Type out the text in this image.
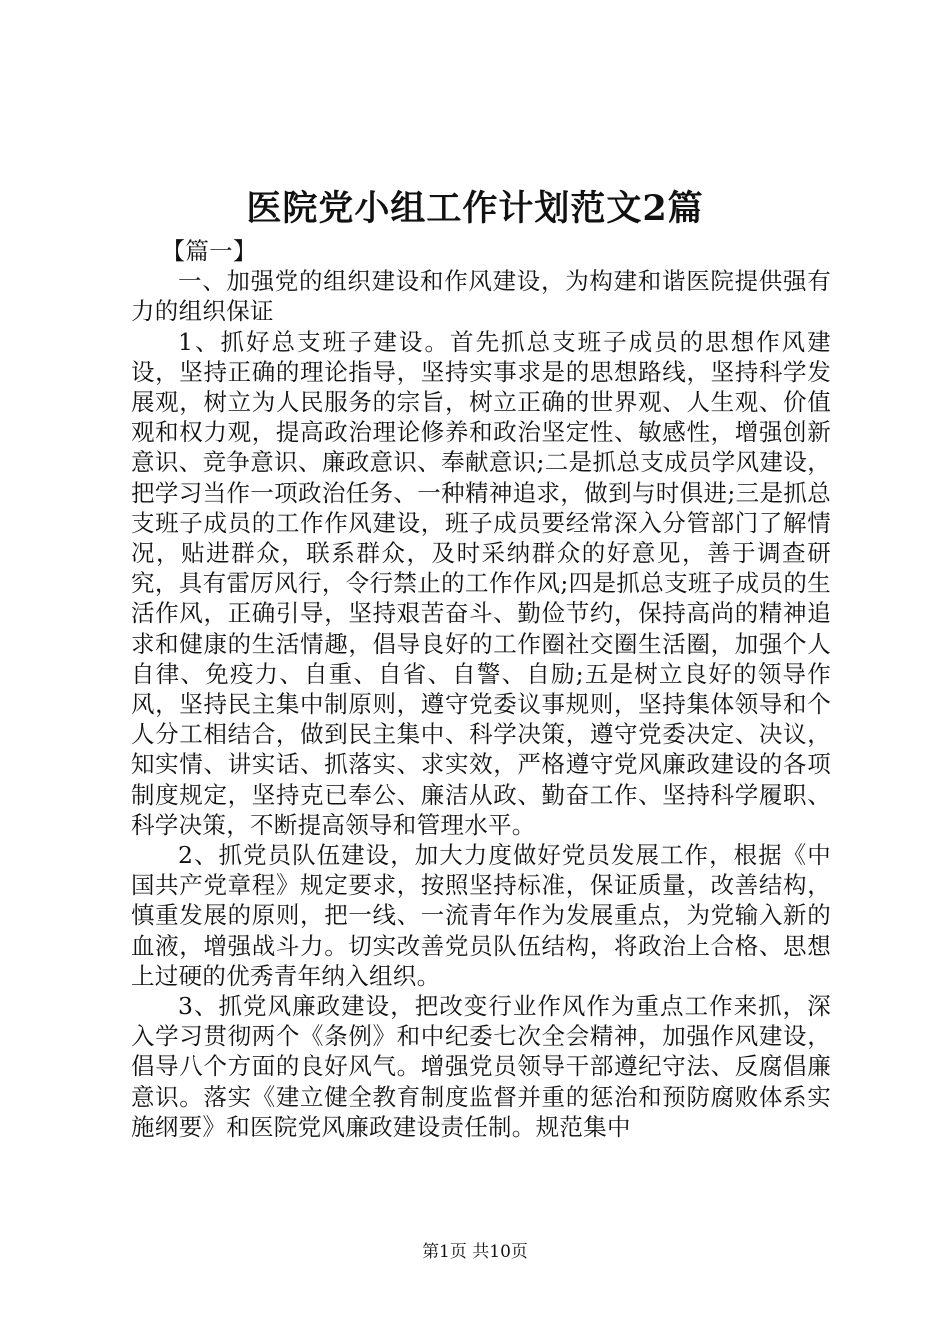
医院党小组工作计划范文2篇

【篇一】

一、加强党的组织建设和作风建设，为构建和谐医院提供强有力的组织保证

1、抓好总支班子建设。首先抓总支班子成员的思想作风建设，坚持正确的理论指导，坚持实事求是的思想路线，坚持科学发展观，树立为人民服务的宗旨，树立正确的世界观、人生观、价值观和权力观，提高政治理论修养和政治坚定性、敏感性，增强创新意识、竞争意识、廉政意识、奉献意识;二是抓总支成员学风建设，把学习当作一项政治任务、一种精神追求，做到与时俱进;三是抓总支班子成员的工作作风建设，班子成员要经常深入分管部门了解情况，贴进群众，联系群众，及时采纳群众的好意见，善于调查研究，具有雷厉风行，令行禁止的工作作风;四是抓总支班子成员的生活作风，正确引导，坚持艰苦奋斗、勤俭节约，保持高尚的精神追求和健康的生活情趣，倡导良好的工作圈社交圈生活圈，加强个人自律、免疫力、自重、自省、自警、自励;五是树立良好的领导作风，坚持民主集中制原则，遵守党委议事规则，坚持集体领导和个人分工相结合，做到民主集中、科学决策，遵守党委决定、决议，知实情、讲实话、抓落实、求实效，严格遵守党风廉政建设的各项制度规定，坚持克已奉公、廉洁从政、勤奋工作、坚持科学履职、科学决策，不断提高领导和管理水平。

2、抓党员队伍建设，加大力度做好党员发展工作，根据《中国共产党章程》规定要求，按照坚持标准，保证质量，改善结构，慎重发展的原则，把一线、一流青年作为发展重点，为党输入新的血液，增强战斗力。切实改善党员队伍结构，将政治上合格、思想上过硬的优秀青年纳入组织。

3、抓党风廉政建设，把改变行业作风作为重点工作来抓，深入学习贯彻两个《条例》和中纪委七次全会精神，加强作风建设，倡导八个方面的良好风气。增强党员领导干部遵纪守法、反腐倡廉意识。落实《建立健全教育制度监督并重的惩治和预防腐败体系实施纲要》和医院党风廉政建设责任制。规范集中

第1页 共10页
